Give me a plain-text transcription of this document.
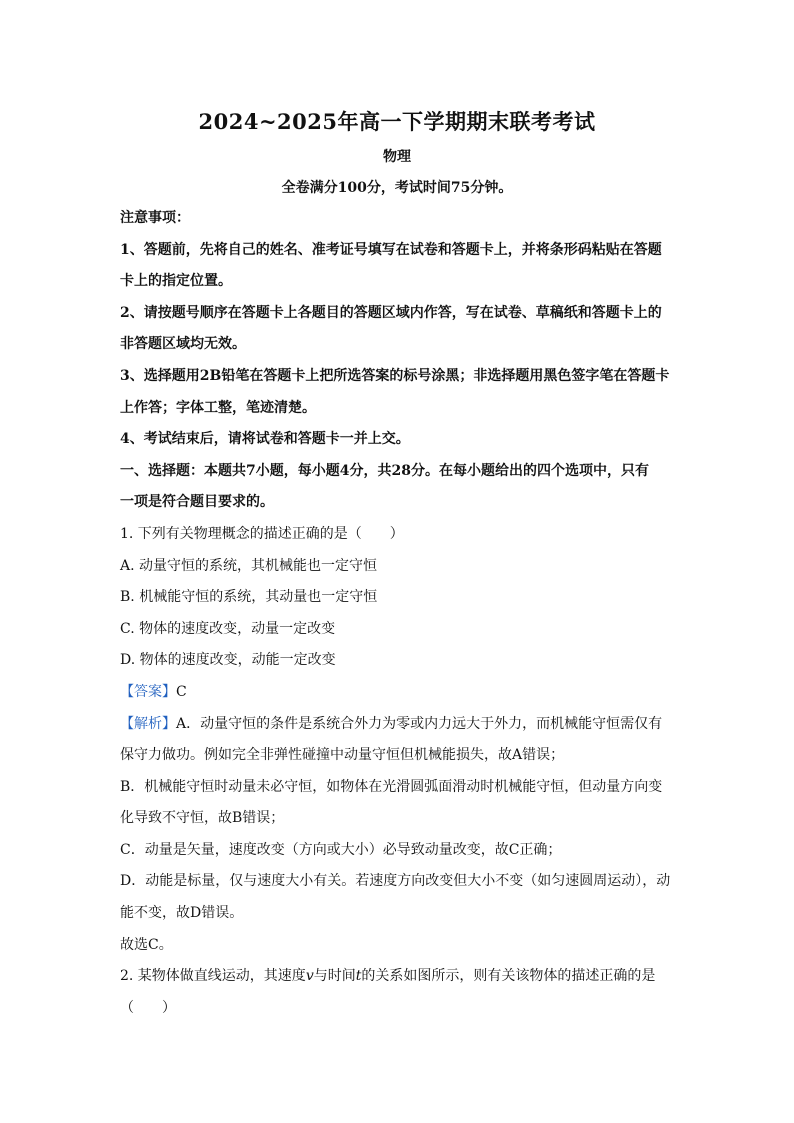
2024~2025年高一下学期期末联考考试
物理
全卷满分100分，考试时间75分钟。
注意事项：
1、答题前，先将自己的姓名、准考证号填写在试卷和答题卡上，并将条形码粘贴在答题
卡上的指定位置。
2、请按题号顺序在答题卡上各题目的答题区域内作答，写在试卷、草稿纸和答题卡上的
非答题区域均无效。
3、选择题用2B铅笔在答题卡上把所选答案的标号涂黑；非选择题用黑色签字笔在答题卡
上作答；字体工整，笔迹清楚。
4、考试结束后，请将试卷和答题卡一并上交。
一、选择题：本题共7小题，每小题4分，共28分。在每小题给出的四个选项中，只有
一项是符合题目要求的。
1. 下列有关物理概念的描述正确的是（　　）
A. 动量守恒的系统，其机械能也一定守恒
B. 机械能守恒的系统，其动量也一定守恒
C. 物体的速度改变，动量一定改变
D. 物体的速度改变，动能一定改变
【答案】C
【解析】A．动量守恒的条件是系统合外力为零或内力远大于外力，而机械能守恒需仅有
保守力做功。例如完全非弹性碰撞中动量守恒但机械能损失，故A错误；
B．机械能守恒时动量未必守恒，如物体在光滑圆弧面滑动时机械能守恒，但动量方向变
化导致不守恒，故B错误；
C．动量是矢量，速度改变（方向或大小）必导致动量改变，故C正确；
D．动能是标量，仅与速度大小有关。若速度方向改变但大小不变（如匀速圆周运动），动
能不变，故D错误。
故选C。
2. 某物体做直线运动，其速度v与时间t的关系如图所示，则有关该物体的描述正确的是
（　　）
